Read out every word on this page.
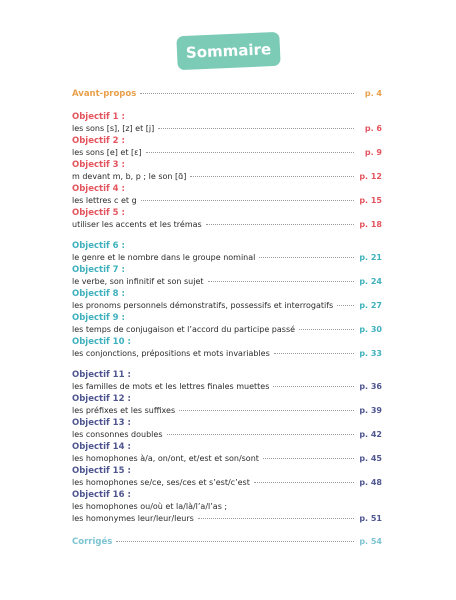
Sommaire
Avant-propos	p. 4
Objectif 1 :
les sons [s], [z] et [j]	p. 6
Objectif 2 :
les sons [e] et [ɛ]	p. 9
Objectif 3 :
m devant m, b, p ; le son [ɑ̃]	p. 12
Objectif 4 :
les lettres c et g	p. 15
Objectif 5 :
utiliser les accents et les trémas	p. 18
Objectif 6 :
le genre et le nombre dans le groupe nominal	p. 21
Objectif 7 :
le verbe, son infinitif et son sujet	p. 24
Objectif 8 :
les pronoms personnels démonstratifs, possessifs et interrogatifs	p. 27
Objectif 9 :
les temps de conjugaison et l’accord du participe passé	p. 30
Objectif 10 :
les conjonctions, prépositions et mots invariables	p. 33
Objectif 11 :
les familles de mots et les lettres finales muettes	p. 36
Objectif 12 :
les préfixes et les suffixes	p. 39
Objectif 13 :
les consonnes doubles	p. 42
Objectif 14 :
les homophones à/a, on/ont, et/est et son/sont	p. 45
Objectif 15 :
les homophones se/ce, ses/ces et s’est/c’est	p. 48
Objectif 16 :
les homophones ou/où et la/là/l’a/l’as ;
les homonymes leur/leur/leurs	p. 51
Corrigés	p. 54
